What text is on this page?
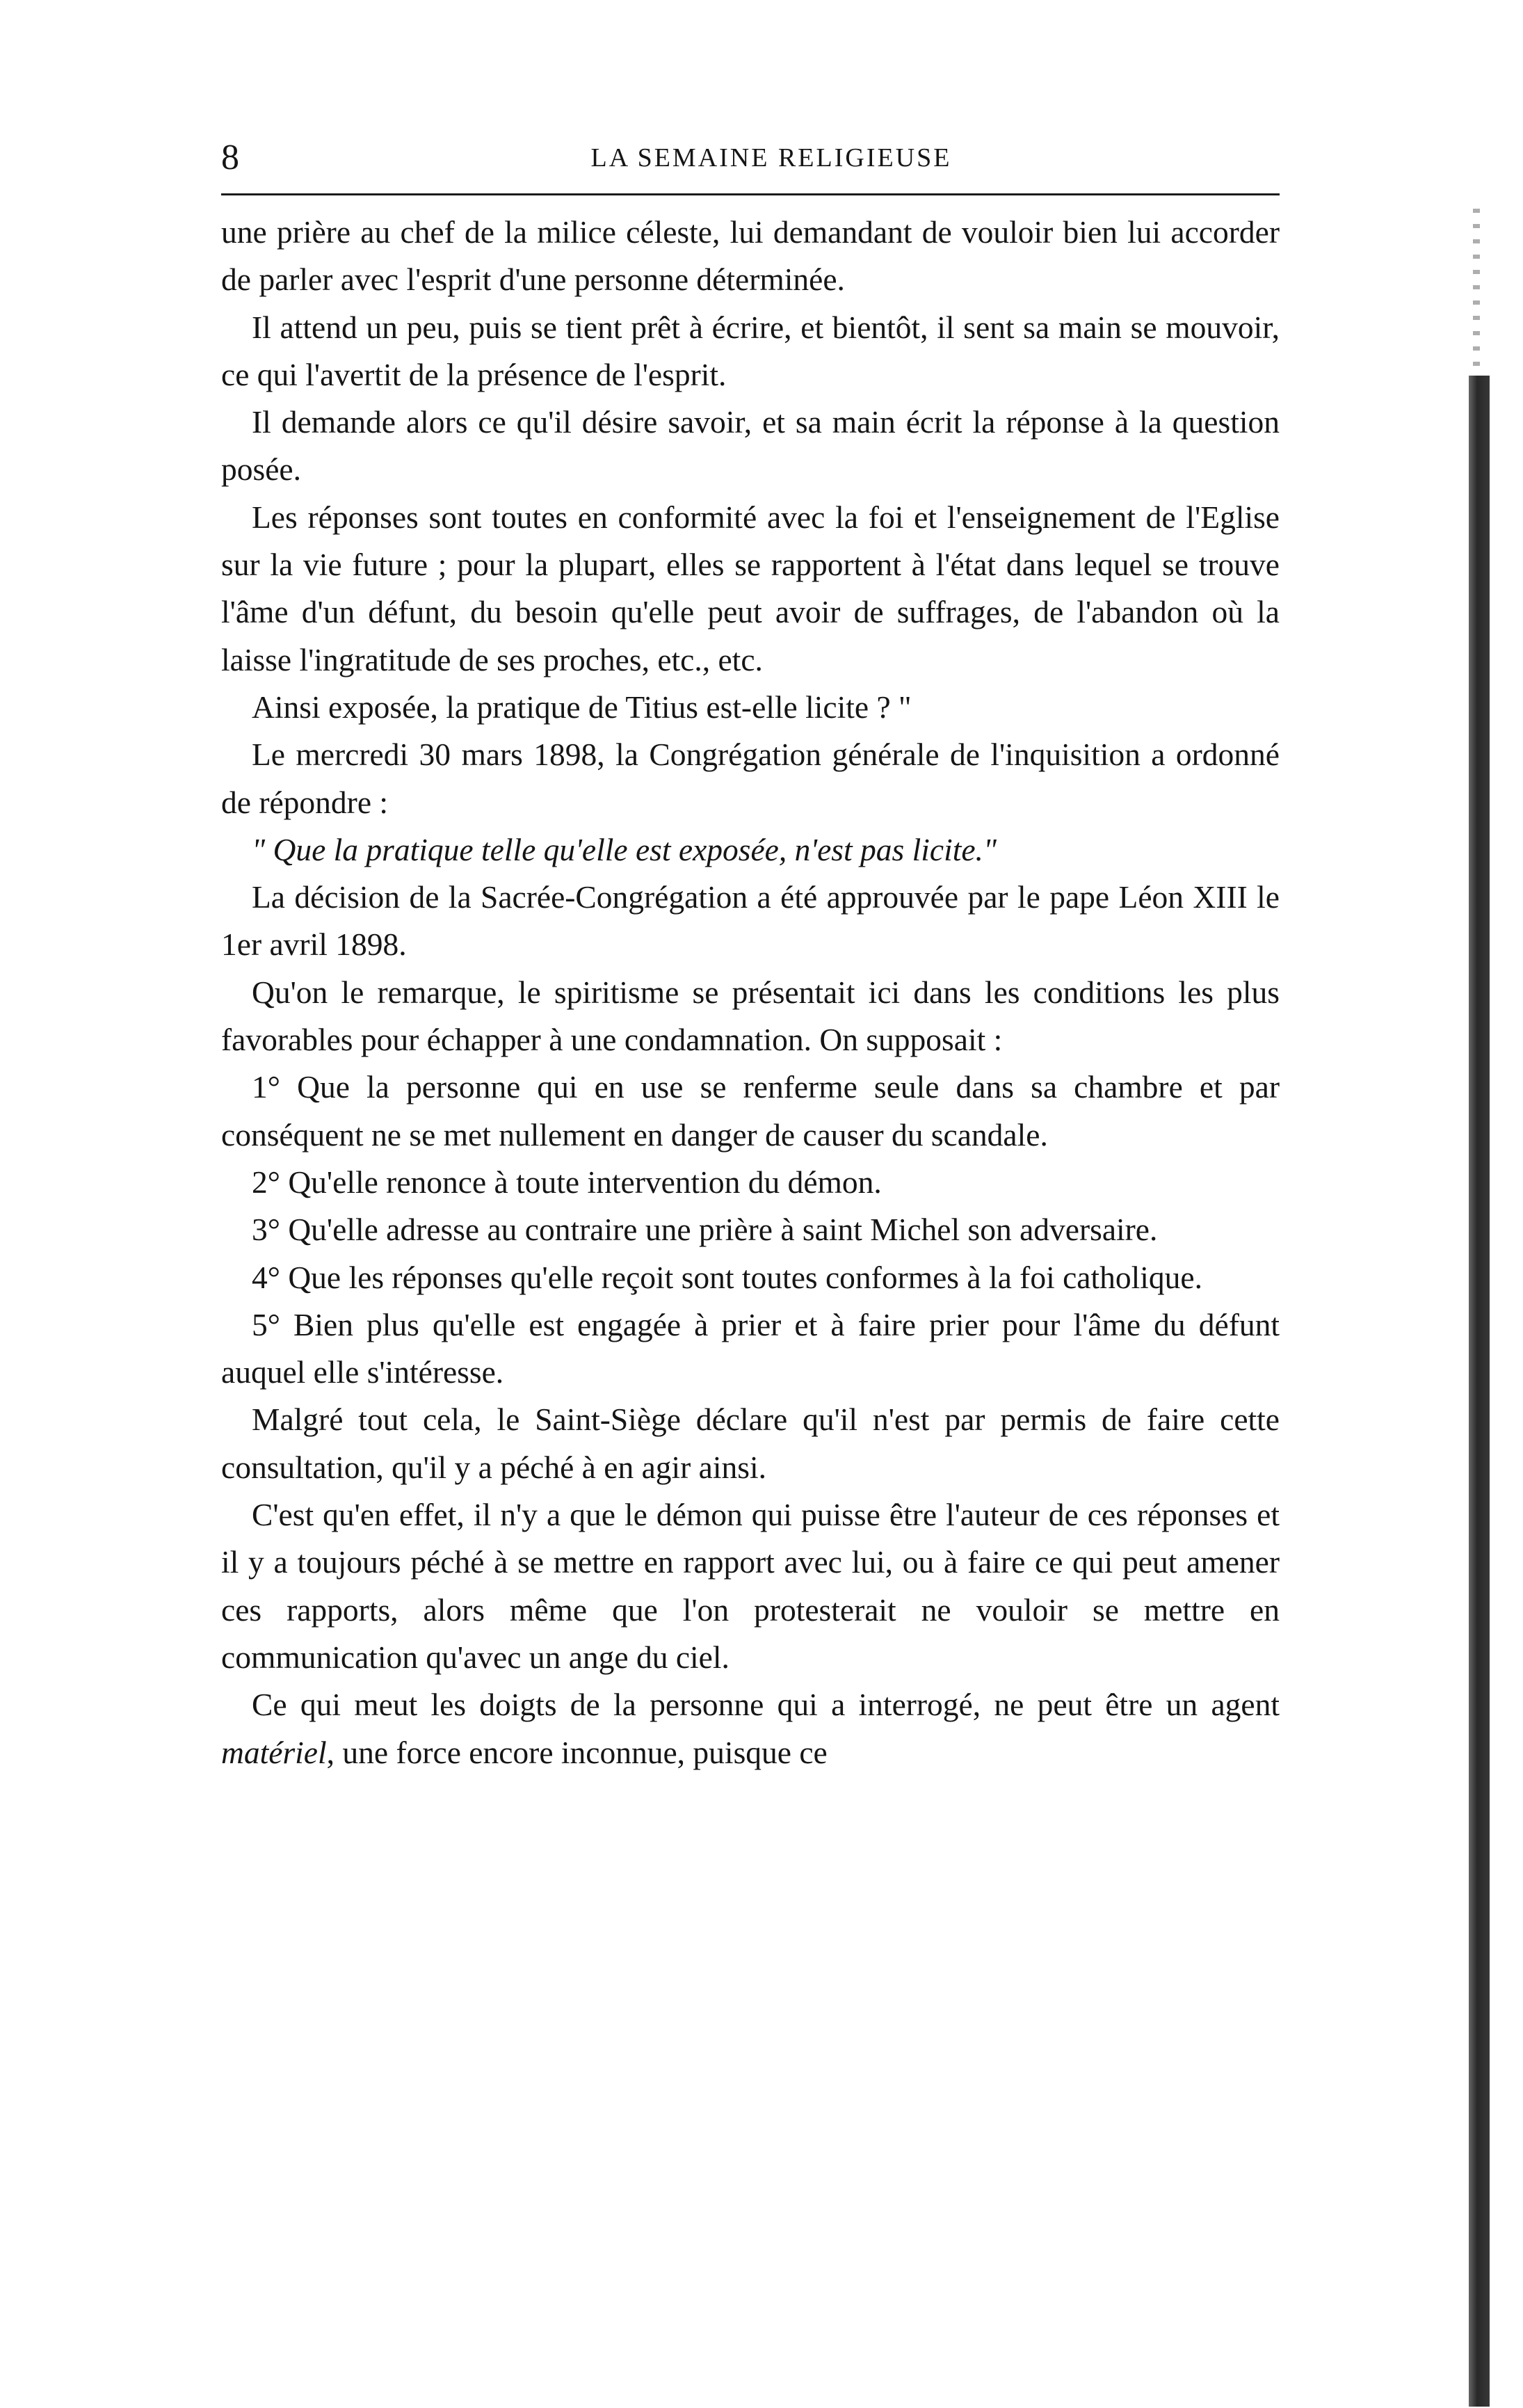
8	LA SEMAINE RELIGIEUSE

une prière au chef de la milice céleste, lui demandant de vouloir bien lui accorder de parler avec l'esprit d'une personne déterminée.

Il attend un peu, puis se tient prêt à écrire, et bientôt, il sent sa main se mouvoir, ce qui l'avertit de la présence de l'esprit.

Il demande alors ce qu'il désire savoir, et sa main écrit la réponse à la question posée.

Les réponses sont toutes en conformité avec la foi et l'enseignement de l'Eglise sur la vie future ; pour la plupart, elles se rapportent à l'état dans lequel se trouve l'âme d'un défunt, du besoin qu'elle peut avoir de suffrages, de l'abandon où la laisse l'ingratitude de ses proches, etc., etc.

Ainsi exposée, la pratique de Titius est-elle licite ? "

Le mercredi 30 mars 1898, la Congrégation générale de l'inquisition a ordonné de répondre :

" Que la pratique telle qu'elle est exposée, n'est pas licite."

La décision de la Sacrée-Congrégation a été approuvée par le pape Léon XIII le 1er avril 1898.

Qu'on le remarque, le spiritisme se présentait ici dans les conditions les plus favorables pour échapper à une condamnation. On supposait :

1° Que la personne qui en use se renferme seule dans sa chambre et par conséquent ne se met nullement en danger de causer du scandale.

2° Qu'elle renonce à toute intervention du démon.

3° Qu'elle adresse au contraire une prière à saint Michel son adversaire.

4° Que les réponses qu'elle reçoit sont toutes conformes à la foi catholique.

5° Bien plus qu'elle est engagée à prier et à faire prier pour l'âme du défunt auquel elle s'intéresse.

Malgré tout cela, le Saint-Siège déclare qu'il n'est par permis de faire cette consultation, qu'il y a péché à en agir ainsi.

C'est qu'en effet, il n'y a que le démon qui puisse être l'auteur de ces réponses et il y a toujours péché à se mettre en rapport avec lui, ou à faire ce qui peut amener ces rapports, alors même que l'on protesterait ne vouloir se mettre en communication qu'avec un ange du ciel.

Ce qui meut les doigts de la personne qui a interrogé, ne peut être un agent matériel, une force encore inconnue, puisque ce
